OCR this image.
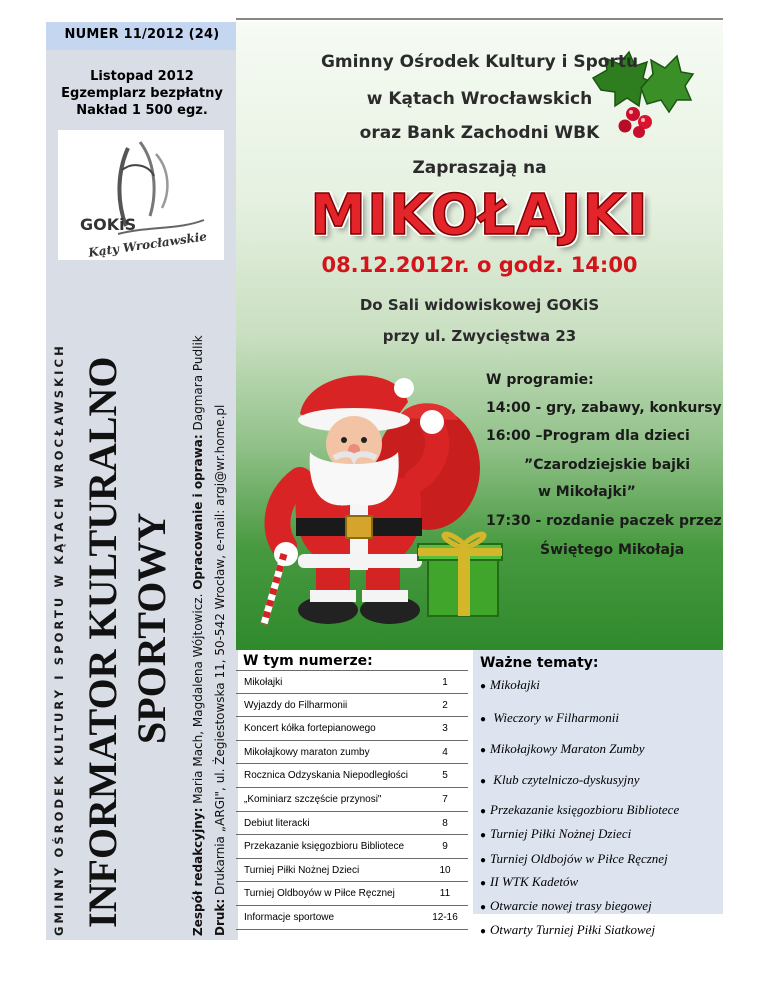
NUMER 11/2012 (24)
Listopad 2012
Egzemplarz bezpłatny
Nakład 1 500 egz.
GOKiS
Kąty Wrocławskie
GMINNY OŚRODEK KULTURY I SPORTU W KĄTACH WROCŁAWSKICH INFORMATOR KULTURALNO SPORTOWY
Zespół redakcyjny: Maria Mach, Magdalena Wójtowicz. Opracowanie i oprawa: Dagmara Pudlik
Druk: Drukarnia „ARGI", ul. Żegiestowska 11, 50-542 Wrocław, e-mail: argi@wr.home.pl
Gminny Ośrodek Kultury i Sportu
w Kątach Wrocławskich
oraz Bank Zachodni WBK
Zapraszają na
MIKOŁAJKI
08.12.2012r. o godz. 14:00
Do Sali widowiskowej GOKiS
przy ul. Zwycięstwa 23
W programie:
14:00 - gry, zabawy, konkursy
16:00 –Program dla dzieci
”Czarodziejskie bajki
w Mikołajki”
17:30 - rozdanie paczek przez
Świętego Mikołaja
W tym numerze:
Mikołajki	1
Wyjazdy do Filharmonii	2
Koncert kółka fortepianowego	3
Mikołajkowy maraton zumby	4
Rocznica Odzyskania Niepodległości	5
„Kominiarz szczęście przynosi"	7
Debiut literacki	8
Przekazanie księgozbioru Bibliotece	9
Turniej Piłki Nożnej Dzieci	10
Turniej Oldboyów w Piłce Ręcznej	11
Informacje sportowe	12-16
Ważne tematy:
● Mikołajki
● Wieczory w Filharmonii
● Mikołajkowy Maraton Zumby
● Klub czytelniczo-dyskusyjny
● Przekazanie księgozbioru Bibliotece
● Turniej Piłki Nożnej Dzieci
● Turniej Oldbojów w Piłce Ręcznej
● II WTK Kadetów
● Otwarcie nowej trasy biegowej
● Otwarty Turniej Piłki Siatkowej
